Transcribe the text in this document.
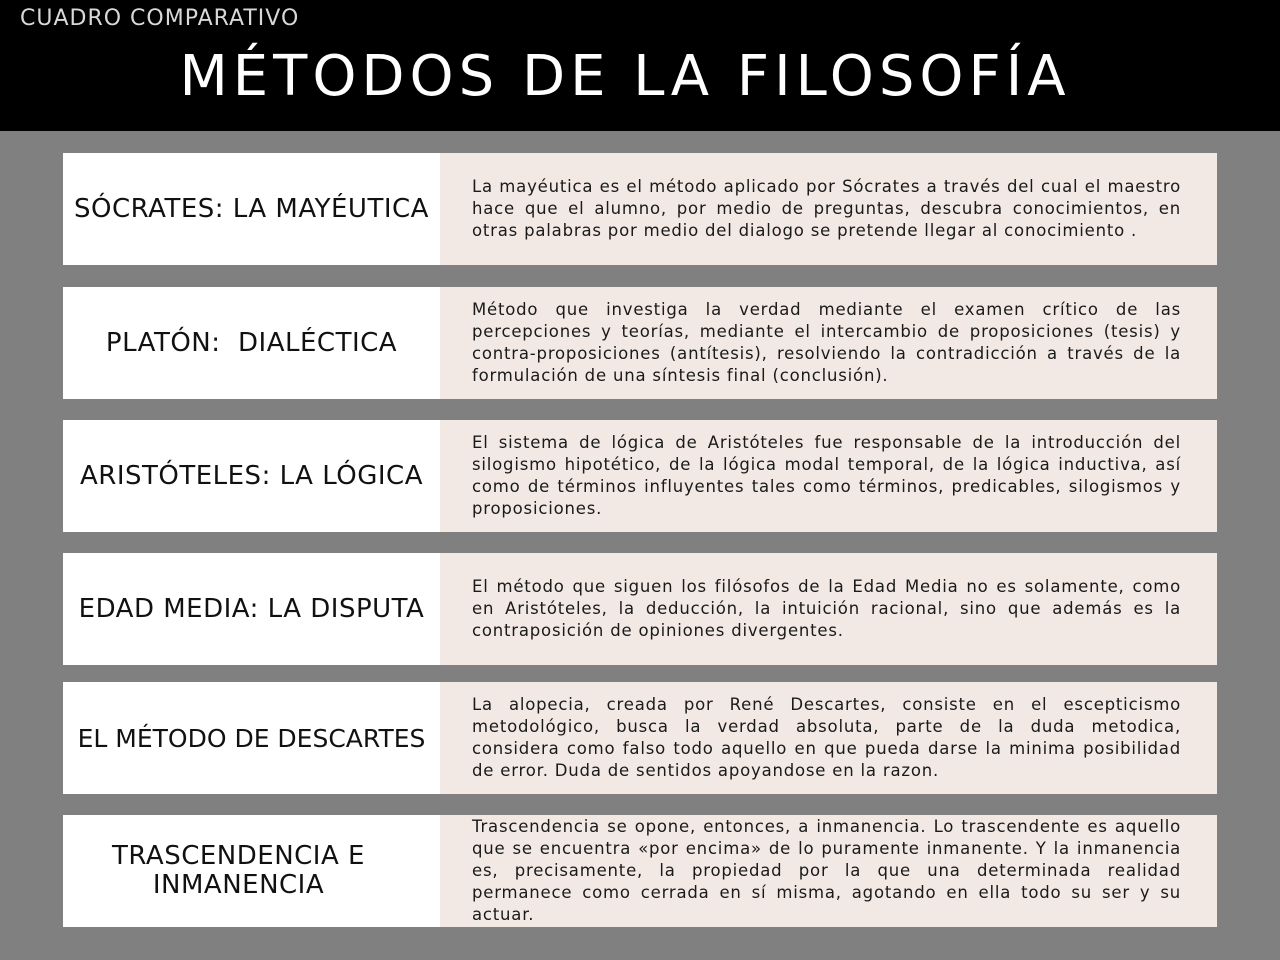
CUADRO COMPARATIVO
MÉTODOS DE LA FILOSOFÍA
SÓCRATES: LA MAYÉUTICA

La mayéutica es el método aplicado por Sócrates a través del cual el maestro hace que el alumno, por medio de preguntas, descubra conocimientos, en otras palabras por medio del dialogo se pretende llegar al conocimiento .

PLATÓN:  DIALÉCTICA

Método que investiga la verdad mediante el examen crítico de las percepciones y teorías, mediante el intercambio de proposiciones (tesis) y contra-proposiciones (antítesis), resolviendo la contradicción a través de la formulación de una síntesis final (conclusión).

ARISTÓTELES: LA LÓGICA

El sistema de lógica de Aristóteles fue responsable de la introducción del silogismo hipotético, de la lógica modal temporal, de la lógica inductiva, así como de términos influyentes tales como términos, predicables, silogismos y proposiciones.

EDAD MEDIA: LA DISPUTA

El método que siguen los filósofos de la Edad Media no es solamente, como en Aristóteles, la deducción, la intuición racional, sino que además es la contraposición de opiniones divergentes.

EL MÉTODO DE DESCARTES

La alopecia, creada por René Descartes, consiste en el escepticismo metodológico, busca la verdad absoluta, parte de la duda metodica, considera como falso todo aquello en que pueda darse la minima posibilidad de error. Duda de sentidos apoyandose en la razon.

TRASCENDENCIA E INMANENCIA

Trascendencia se opone, entonces, a inmanencia. Lo trascendente es aquello que se encuentra «por encima» de lo puramente inmanente. Y la inmanencia es, precisamente, la propiedad por la que una determinada realidad permanece como cerrada en sí misma, agotando en ella todo su ser y su actuar.
